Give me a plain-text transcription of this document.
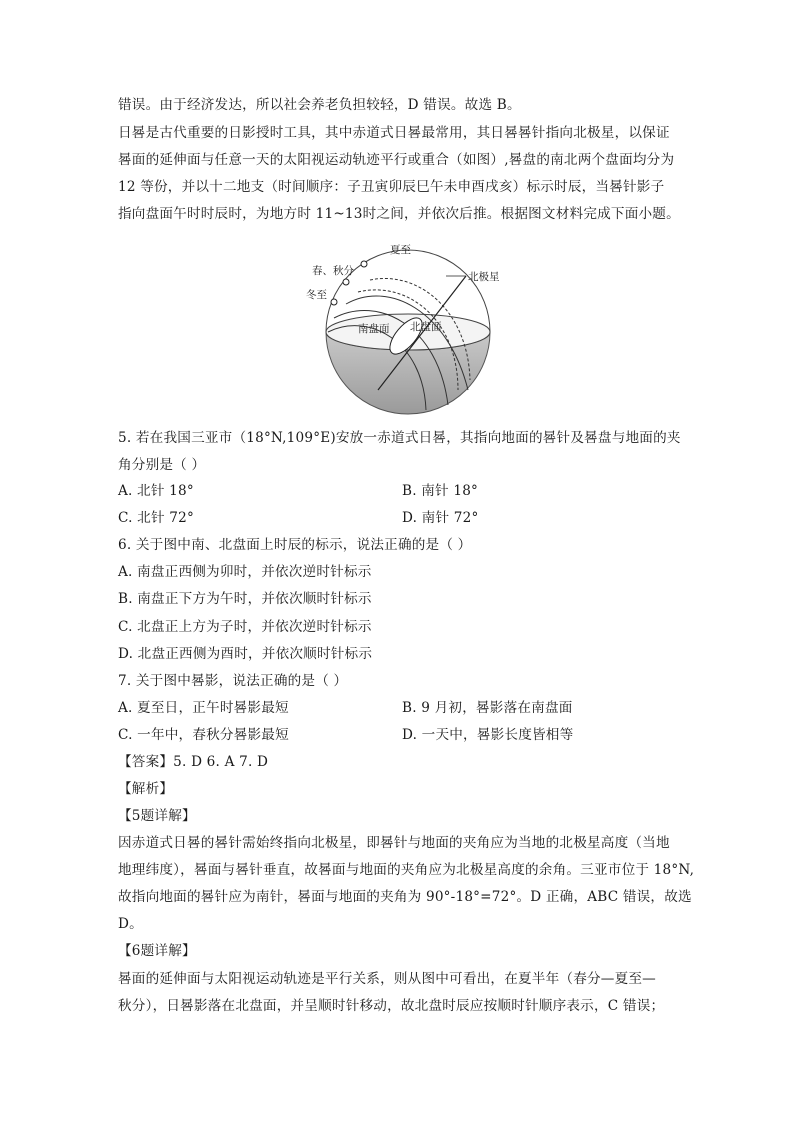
错误。由于经济发达，所以社会养老负担较轻，D 错误。故选 B。
日晷是古代重要的日影授时工具，其中赤道式日晷最常用，其日晷晷针指向北极星，以保证
晷面的延伸面与任意一天的太阳视运动轨迹平行或重合（如图）,晷盘的南北两个盘面均分为
12 等份，并以十二地支（时间顺序：子丑寅卯辰巳午未申酉戌亥）标示时辰，当晷针影子
指向盘面午时时辰时，为地方时 11~13时之间，并依次后推。根据图文材料完成下面小题。
夏至
春、秋分
冬至
北极星
南盘面 北盘面
5. 若在我国三亚市（18°N,109°E)安放一赤道式日晷，其指向地面的晷针及晷盘与地面的夹
角分别是（ ）
A. 北针 18°	B. 南针 18°
C. 北针 72°	D. 南针 72°
6. 关于图中南、北盘面上时辰的标示，说法正确的是（ ）
A. 南盘正西侧为卯时，并依次逆时针标示
B. 南盘正下方为午时，并依次顺时针标示
C. 北盘正上方为子时，并依次逆时针标示
D. 北盘正西侧为酉时，并依次顺时针标示
7. 关于图中晷影，说法正确的是（ ）
A. 夏至日，正午时晷影最短	B. 9 月初，晷影落在南盘面
C. 一年中，春秋分晷影最短	D. 一天中，晷影长度皆相等
【答案】5. D 6. A 7. D
【解析】
【5题详解】
因赤道式日晷的晷针需始终指向北极星，即晷针与地面的夹角应为当地的北极星高度（当地
地理纬度），晷面与晷针垂直，故晷面与地面的夹角应为北极星高度的余角。三亚市位于 18°N,
故指向地面的晷针应为南针，晷面与地面的夹角为 90°-18°=72°。D 正确，ABC 错误，故选
D。
【6题详解】
晷面的延伸面与太阳视运动轨迹是平行关系，则从图中可看出，在夏半年（春分—夏至—
秋分），日晷影落在北盘面，并呈顺时针移动，故北盘时辰应按顺时针顺序表示，C 错误；
